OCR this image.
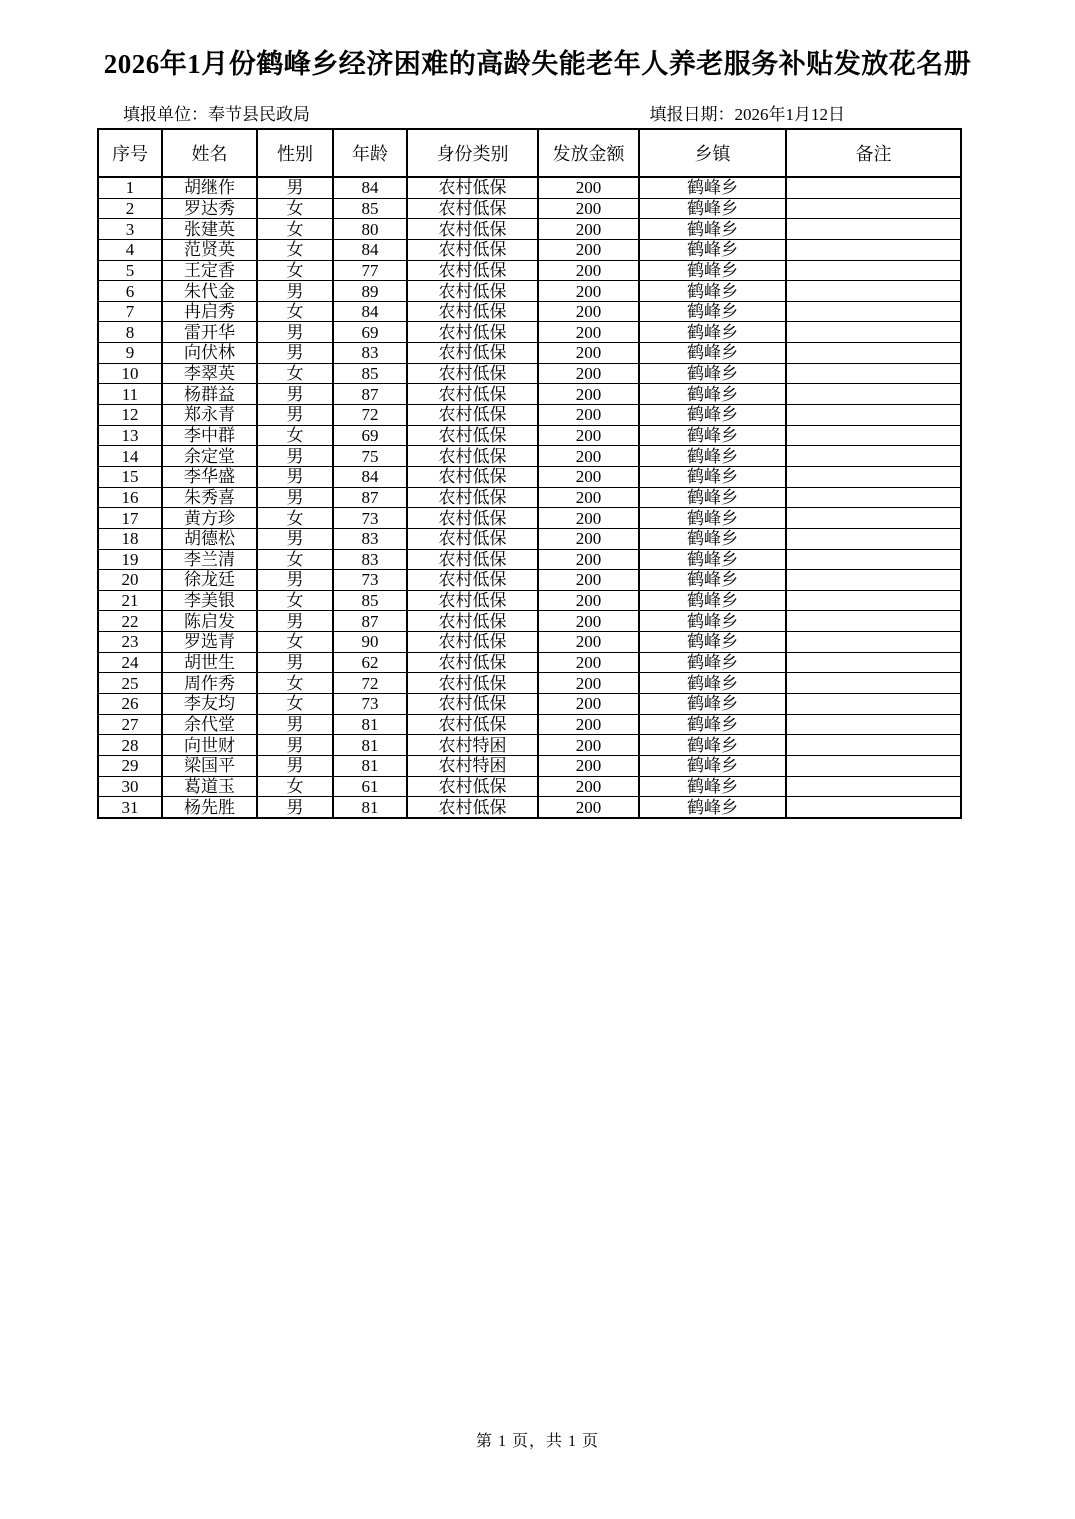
2026年1月份鹤峰乡经济困难的高龄失能老年人养老服务补贴发放花名册
填报单位：奉节县民政局	填报日期：2026年1月12日
序号	姓名	性别	年龄	身份类别	发放金额	乡镇	备注
1	胡继作	男	84	农村低保	200	鹤峰乡	
2	罗达秀	女	85	农村低保	200	鹤峰乡	
3	张建英	女	80	农村低保	200	鹤峰乡	
4	范贤英	女	84	农村低保	200	鹤峰乡	
5	王定香	女	77	农村低保	200	鹤峰乡	
6	朱代金	男	89	农村低保	200	鹤峰乡	
7	冉启秀	女	84	农村低保	200	鹤峰乡	
8	雷开华	男	69	农村低保	200	鹤峰乡	
9	向伏林	男	83	农村低保	200	鹤峰乡	
10	李翠英	女	85	农村低保	200	鹤峰乡	
11	杨群益	男	87	农村低保	200	鹤峰乡	
12	郑永青	男	72	农村低保	200	鹤峰乡	
13	李中群	女	69	农村低保	200	鹤峰乡	
14	余定堂	男	75	农村低保	200	鹤峰乡	
15	李华盛	男	84	农村低保	200	鹤峰乡	
16	朱秀喜	男	87	农村低保	200	鹤峰乡	
17	黄方珍	女	73	农村低保	200	鹤峰乡	
18	胡德松	男	83	农村低保	200	鹤峰乡	
19	李兰清	女	83	农村低保	200	鹤峰乡	
20	徐龙廷	男	73	农村低保	200	鹤峰乡	
21	李美银	女	85	农村低保	200	鹤峰乡	
22	陈启发	男	87	农村低保	200	鹤峰乡	
23	罗选青	女	90	农村低保	200	鹤峰乡	
24	胡世生	男	62	农村低保	200	鹤峰乡	
25	周作秀	女	72	农村低保	200	鹤峰乡	
26	李友均	女	73	农村低保	200	鹤峰乡	
27	余代堂	男	81	农村低保	200	鹤峰乡	
28	向世财	男	81	农村特困	200	鹤峰乡	
29	梁国平	男	81	农村特困	200	鹤峰乡	
30	葛道玉	女	61	农村低保	200	鹤峰乡	
31	杨先胜	男	81	农村低保	200	鹤峰乡	
第 1 页，共 1 页
